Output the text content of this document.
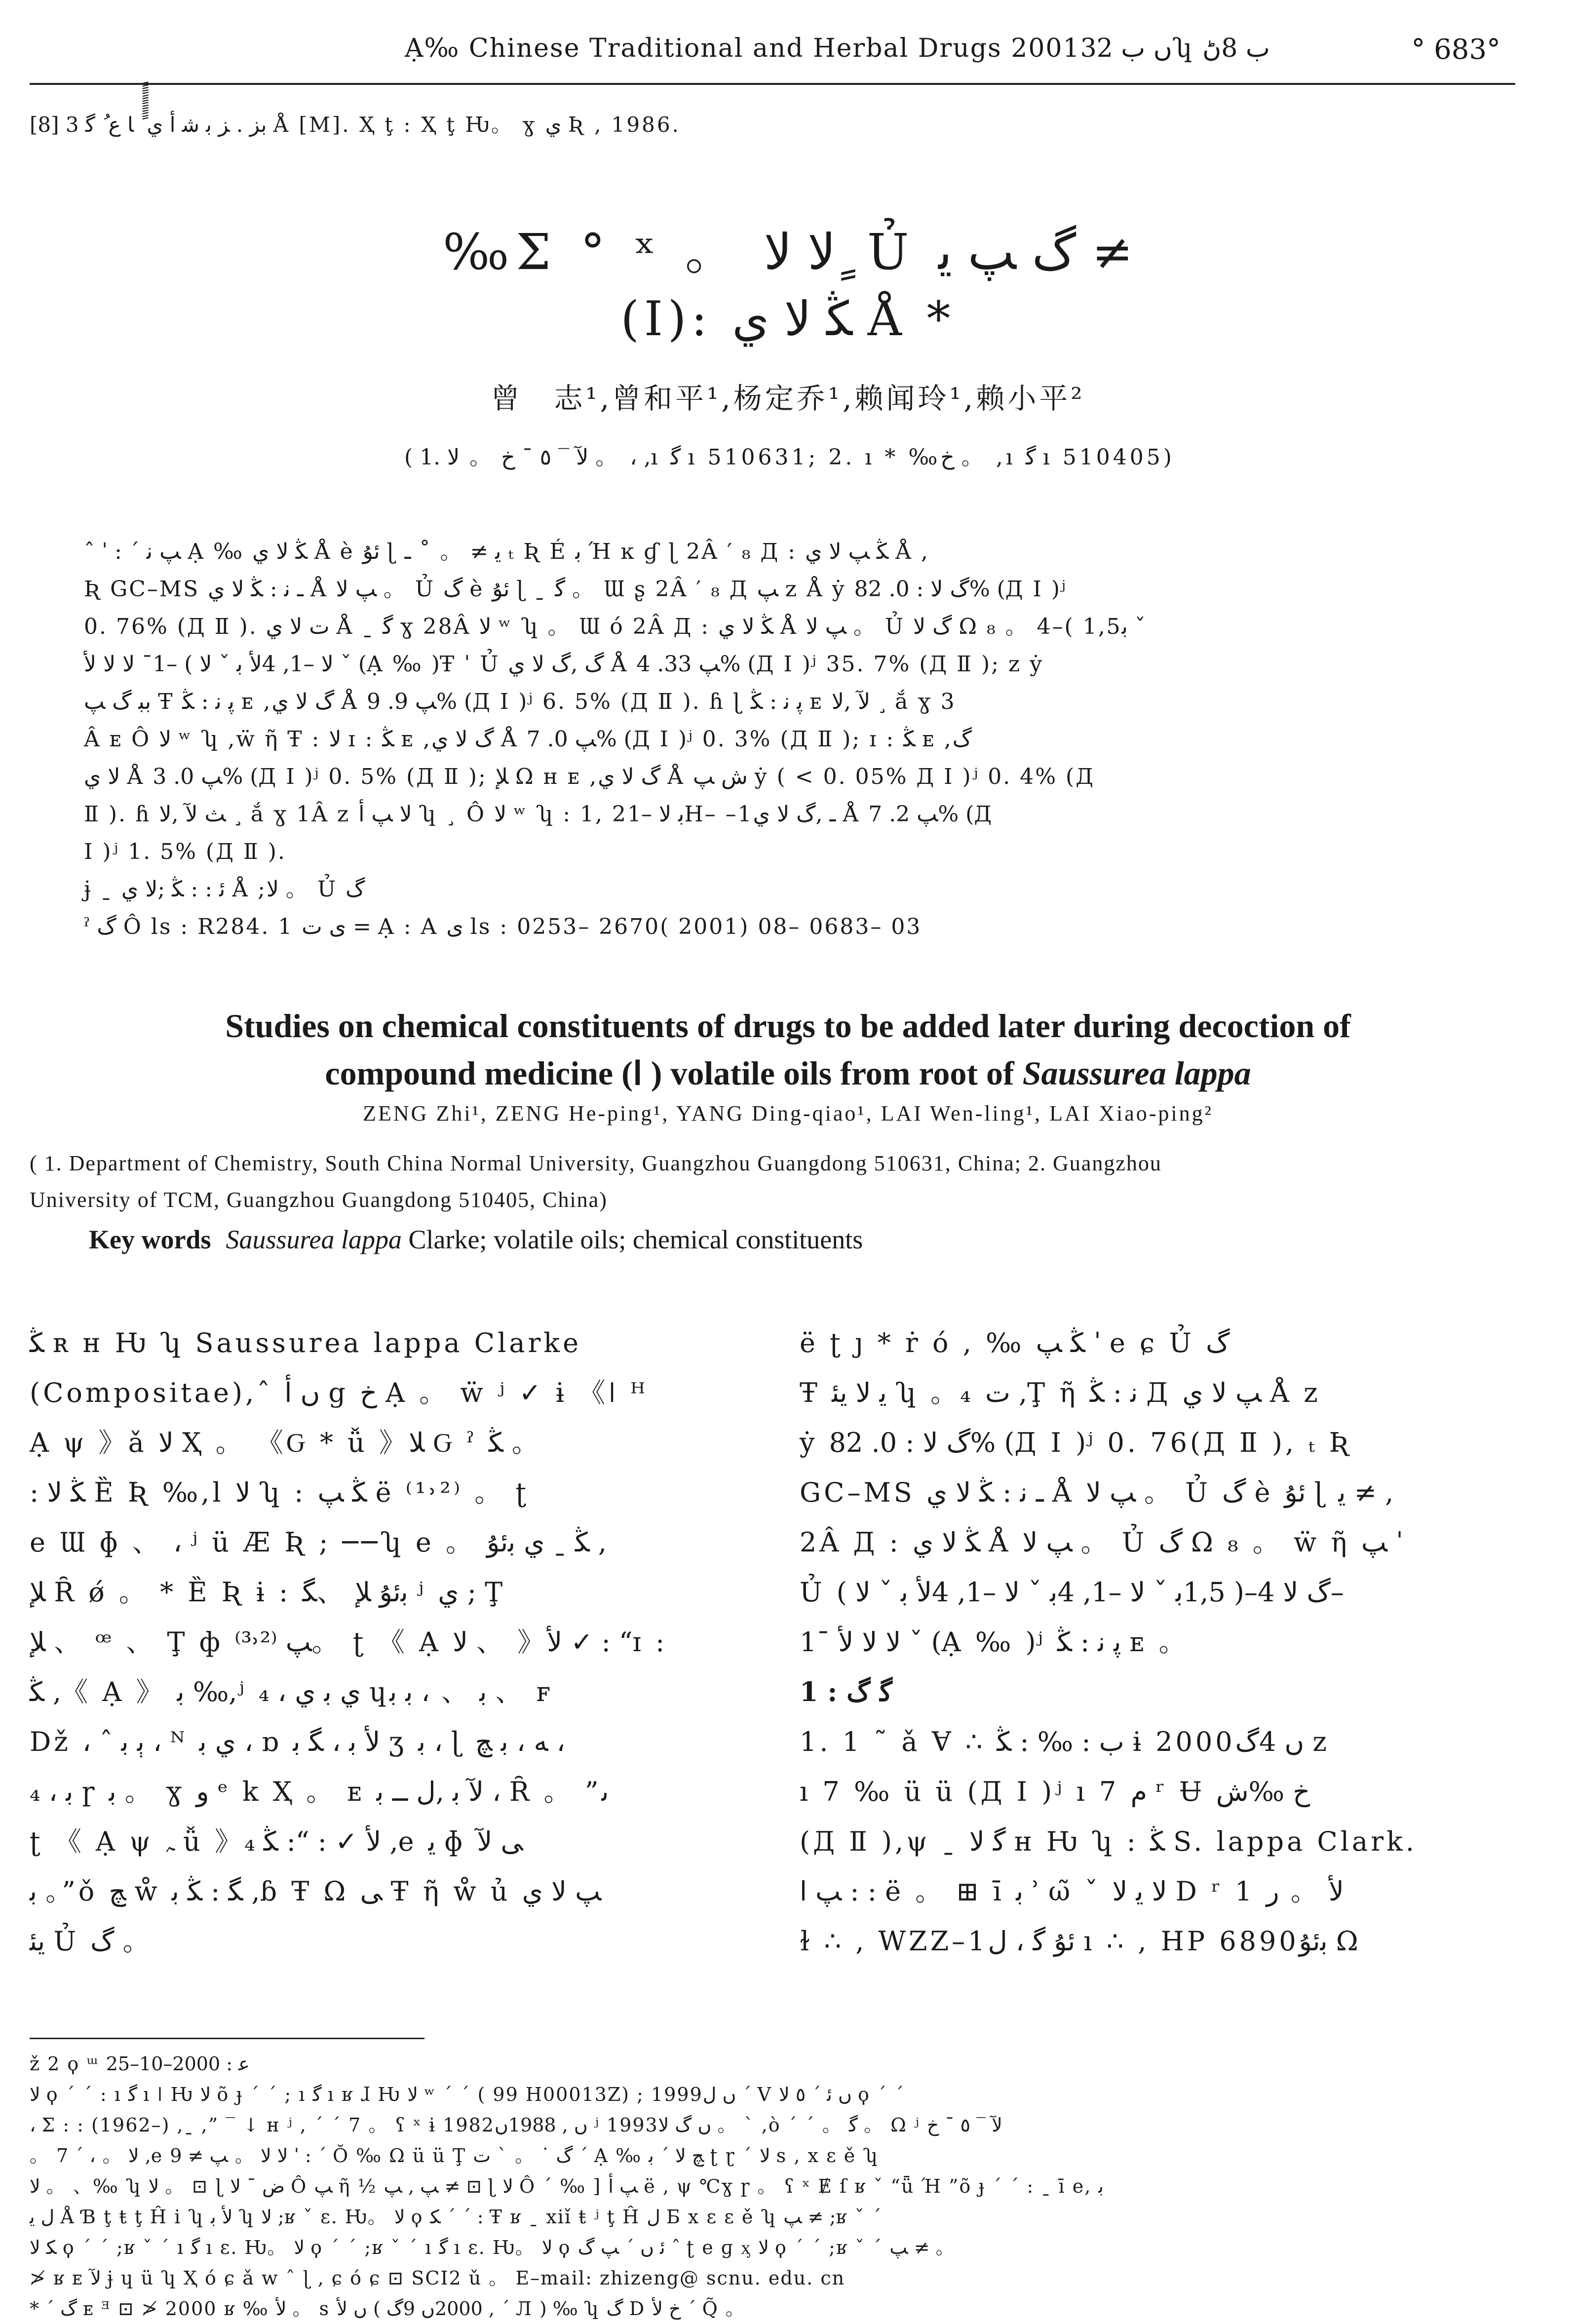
Ạ‰ Chinese Traditional and Herbal Drugs 2001ں ب 32ʮ ب 8ڻ	° 683°
[8] ﺑﺰ . ﺰ ﺑ ﺷ ﺃ ﻱ ًًًًًًًَ ﺎ ﻉ ُ ﮔ 3 Å [M]. Ҳ ţ : Ҳ ţ Ƕ。 ɣ ﻱ Ʀ , 1986.
‰Σ ° ˣ 。 ﻻ ﻻ ٍ Ủ ﮒ ﭗ ﻳ ≠
(Ⅰ): ﯖ ﻻ ﻱ Å *
曾　志¹,曾和平¹,杨定乔¹,赖闻玲¹,赖小平²
( 1. ﻵ ‾ ٥ ˉ ﺥ 。 ﻻ 。 ، ,ı ﮔ ı 510631; 2. ı * ‰ﺥ 。 ,ı ﮔ ı 510405)

ˆ ˈ : ˊ ﭗ ﻧ Ạ ‰ ﯖ ﻻ ﻱ Å è ﺋﯘ ɭ ﻳ ≠ 。 ˚ ـ ₜ Ʀ É ﺑ Ή ĸ ɠ ɭ 2Â ′ ₈ Д : ﯖ ﭗ ﻻ ﻱ Å ,

Ʀ GC–MS ـ ﻧ : ﯖ ﻻ ﻱ Å ﭗ ﻻ 。 Ủ ﮒ è ﺋﯘ ɭ ˍ ﮔ 。 Ɯ ʂ 2Â ′ ₈ Д ﭗ z Å ẏ ﮒ ﻻ : 0. 82% (Д Ⅰ )ʲ

0. 76% (Д Ⅱ ). ﺕ ﻻ ﻱ Å ˍ ﮔ ɣ 28Â ﻻ ʷ ʮ 。 Ɯ ó 2Â Д : ﯖ ﻻ ﻱ Å ﭗ ﻻ 。 Ủ ﮒ ﻻ Ω ₈ 。 4–( 1,5ﺑ ˇ

ﻻ –1, 4ﻷ ﺑ ˇ ﻻ ) –1ˉ ﻻ ﻻ ﻷ ˇ (Ạ ‰ )Ŧ ˈ Ủ ﮒ ,ﮒ ﻻ ﻱ Å ﭗ 33. 4% (Д Ⅰ )ʲ 35. 7% (Д Ⅱ ); z ẏ

ﺑﺒ ﮒ ﭗ Ŧ ﭘ ﻧ : ﯖ ᴇ ,ﮒ ﻻ ﻱ Å ﭗ 9. 9% (Д Ⅰ )ʲ 6. 5% (Д Ⅱ ). ɦ ɭ ﭘ ﻧ : ﯖ ᴇ ﻵ ,ﻻ ¸ ắ ɣ 3

Â ᴇ Ô ﻻ ʷ ʮ ,ẅ ῆ Ŧ : ﻻ ɪ : ﯖ ᴇ ,ﮒ ﻻ ﻱ Å ﭗ 0. 7% (Д Ⅰ )ʲ 0. 3% (Д Ⅱ ); ɪ : ﯖ ᴇ ,ﮒ

ﻻ ﻱ Å ﭗ 0. 3% (Д Ⅰ )ʲ 0. 5% (Д Ⅱ ); ﻺ Ω ʜ ᴇ ,ﮒ ﻻ ﻱ Å ﺵ ﭗ ẏ ( < 0. 05% Д Ⅰ )ʲ 0. 4% (Д

Ⅱ ). ɦ ﺚ ﻵ ,ﻻ ¸ ắ ɣ 1Â z ﻻ ﭗ ﺃ ʮ ¸ Ô ﻻ ʷ ʮ : 1, 2ﺑ ﻻ –1H– –1ـ ,ﮒ ﻻ ﻱ Å ﭗ 2. 7% (Д

Ⅰ )ʲ 1. 5% (Д Ⅱ ).

ɉ ˍ ﺋ : : ﯖ ;ﻻ ﻱ Å ;ﻻ 。 Ủ ﮒ

ˀ ﮒ Ô ls : R284. 1 ﯼ ﺕ = Ạ : A ﯼ ls : 0253– 2670( 2001) 08– 0683– 03

Studies on chemical constituents of drugs to be added later during decoction of
compound medicine (Ⅰ ) volatile oils from root of Saussurea lappa
ZENG Zhi¹, ZENG He-ping¹, YANG Ding-qiao¹, LAI Wen-ling¹, LAI Xiao-ping²
( 1. Department of Chemistry, South China Normal University, Guangzhou Guangdong 510631, China; 2. Guangzhou
University of TCM, Guangzhou Guangdong 510405, China)
Key words Saussurea lappa Clarke; volatile oils; chemical constituents

ﯖ ʀ ʜ Ƕ ʮ Saussurea lappa Clarke

(Compositae),ˆ ں ﺃ g ﺥ Ạ 。 ẅ ʲ ✓ ɨ 《ǀ ᴴ

Ạ ψ 》ǎ ﻻ Ҳ 。 《Ԍ * ǚ 》ﻼ Ԍ ˀ ﯖ 。

: ﯖ ﻻ Ȅ Ʀ ‰,l ﻻ ʮ : ﯖ ﭗ ë ⁽¹˒²⁾ 。 ʈ

e Ɯ ɸ 、 ، ʲ ü Æ Ʀ ; ──ʮ e 。 ﯖ ˍ ﻱ ﺑﺋﯘ ,

ﻺ Ȓ ǿ 。 * Ȅ Ʀ ɨ : ﺑﺋﯘ ﻺ 、ﮕ ʲ ﻱ ; Ţ

ﻺ 、 ꟹ 、 Ţ ф ﭗ ⁽²˒³⁾。 ʈ 《 Ạ ﻻ 、 》ﻷ ✓ : “ɪ :

ﯖ ,《 Ạ 》 ﺑ ‰,ʲ ﻱ ﺑ ﻱ ، ₄ ɥﺑ 、 ، ﺑ ﺑ 、 ꜰ

Dž ، ˆ ﭔ ﺑ ، ᴺ ﻱ ﺑ ، ɒ ﻷ ﺑ ، ﮕ ﺑ ʒ ﺑ ، ɭ ﻪ ، ﺑ ﭻ ،

ﺑ ، ₄ ɼ ﺑ 。 ɣ ﻭ ᵉ k Ҳ 。 ᴇ ﻵ ﺑ ,ﻝ ــ ﺑ ، Ȓ 。 ”ﯨ

ʈ 《 Ạ ψ ﮧ ǚ 》ﻷ ✓ : “: ﯖ ₄ ,e ﻳ ɸ ﯽ ﻵ

ﺑ 。”ǒ ﭻ ẘ ﮕ : ﯖ ﺑ ,ɓ Ŧ Ω ﯽ Ŧ ῆ ẘ ủ ﭗ ﻻ ﻱ

ﻳﺌ Ủ ﮒ 。

ë ʈ ȷ * ṙ ó , ‰ ﯖ ﭗ ˈ e ɕ Ủ ﮒ

Ŧ ﻳ ﻻ ﻳﺌ ʮ 。₄ ﺕ ,Ţ ῆ ﻧ : ﯖ Д ﭗ ﻻ ﻱ Å z

ẏ ﮒ ﻻ : 0. 82% (Д Ⅰ )ʲ 0. 76(Д Ⅱ ), ₜ Ʀ

GC–MS ـ ﻧ : ﯖ ﻻ ﻱ Å ﭗ ﻻ 。 Ủ ﮒ è ﺋﯘ ɭ ﻳ ≠ ,

2Â Д : ﯖ ﻻ ﻱ Å ﭗ ﻻ 。 Ủ ﮒ Ω ₈ 。 ẅ ῆ ﭗ ˈ

Ủ ﮒ ﻻ 4–( 1,5ﺑ ˇ ﻻ –1, 4ﺑ ˇ ﻻ –1, 4ﻷ ﺑ ˇ ﻻ )–

1ˉ ﻻ ﻻ ﻷ ˇ (Ạ ‰ )ʲ ﭘ ﻧ : ﯖ ᴇ 。

1 : ﮔ ﮒ

1. 1 ˜ ǎ Ɐ ∴ ﺏ : ‰ : ﯖ ɨ 2000ں 4ﮒ z

ı 7 ‰ ü ü (Д Ⅰ )ʲ ı 7 ﻡ ʳ Ʉ ﺥ ‰ﺵ

(Д Ⅱ ),ψ ˍ ﮔ ﻻ ʜ Ƕ ʮ : ﯖ S. lappa Clark.

ﭗ ا : : ë 。 ⊞ ī ﺑ ʾ ω̃ ˇ ﻻ ﻳ ﻻ D ʳ 1 ﻷ 。 ﺭ

ɫ ∴ , WZZ–1ﺋﯘ ﮔ ، ﻝ ı ∴ , HP 6890ﺑﺋﯘ Ω

ž 2 ϙ ᵚ ﻋ : 2000–10–25

ﻻ ϙ ˊ ˊ : ı ﮔ ı ǀ Ƕ ﻻ õ ɟ ˊ ˊ ; ı ﮔ ı ʁ ɺ Ƕ ﻻ ʷ ˊ ˊ ( 99 H00013Z) ; 1999ں ﻝ ˊ V ں ﺋ ˊ ٥ ﻻ ϙ ˊ ˊ

، Ʃ : : (1962–) ,ˍ ,” ‾ ↓ ʜ ʲ , ˊ ˊ 7 。 ʕ ˣ ɨ 1982ں , 1988ں ʲ 1993ں ﮒ ﻻ 。 ˋ ,ò ˊ ˊ 。 ﮔ 。 Ω ʲ ﻵ ‾ ٥ ˉ ﺥ

。 ﻻ 。 ، ˊ 7 ,e ﻻ ﻻ 。 ﭗ ≠ 9 ˈ : ˊ Ŏ ‰ Ω ü ü Ţ ﮒ ˙ 。 ˋ ﺕ ˊ Ạ ‰ ﭻ ﻻ ˊ ﺑ ʈ ɽ ˊ ﻻ s , x ɛ ě ʮ

ﻻ 。 、‰ ʮ ﻻ 。 ⊡ ɭ ﺽ ˉ ﻻ Ô ﭗ ῆ ½ ﭗ , ﭗ ≠ ⊡ ɭ ﻻ Ô ˊ ‰ ] ﭗ ﺃ ë , ψ ℃ɣ ɼ 。 ʕ ˣ Ɇ ſ ʁ ˇ “ǖ Ή ”õ ɟ ˊ ˊ : ˍ ī e, ﺑ

ﻝ ﻳ Å Ɓ ţ ŧ ţ Ĥ i ʮ ﻷ ﺑ ʮ ﻻ ;ʁ ˇ ɛ. Ƕ。 ﻻ ϙ ﮑ ˊ ˊ : Ŧ ʁ ˍ xiǐ ŧ ʲ ţ Ĥ ﻝ Ƃ x ɛ ɛ ě ʮ ﭗ ≠ ;ʁ ˇ ˊ

ﮑ ﻻ ϙ ˊ ˊ ;ʁ ˇ ˊ ı ﮔ ı ɛ. Ƕ。 ﻻ ϙ ˊ ˊ ;ʁ ˇ ˊ ı ﮔ ı ɛ. Ƕ。 ﻻ ϙ ﺋ ں ˊ ﭗ ﮒ ˆ ʈ e ɡ ᶍ ﻻ ϙ ˊ ˊ ;ʁ ˇ ˊ ﭗ ≠ 。

≯ ʁ ᴇ ﻵ ɉ ɥ ü ʮ Ҳ ó ɕ ǎ w ˆ ɭ , ɕ ó ɕ ⊡ SCI2 ǔ 。 E–mail: zhizeng@ scnu. edu. cn

* ˊ ﮒ ᴇ ᴲ ⊡ ≯ 2000 ʁ ‰ ﻷ 。 s ں ﻷ ( 2000ں 9ﮒ , ˊ Л ) ‰ ʮ ﮒ D ﺥ ﻷ ˊ Q̃ 。
